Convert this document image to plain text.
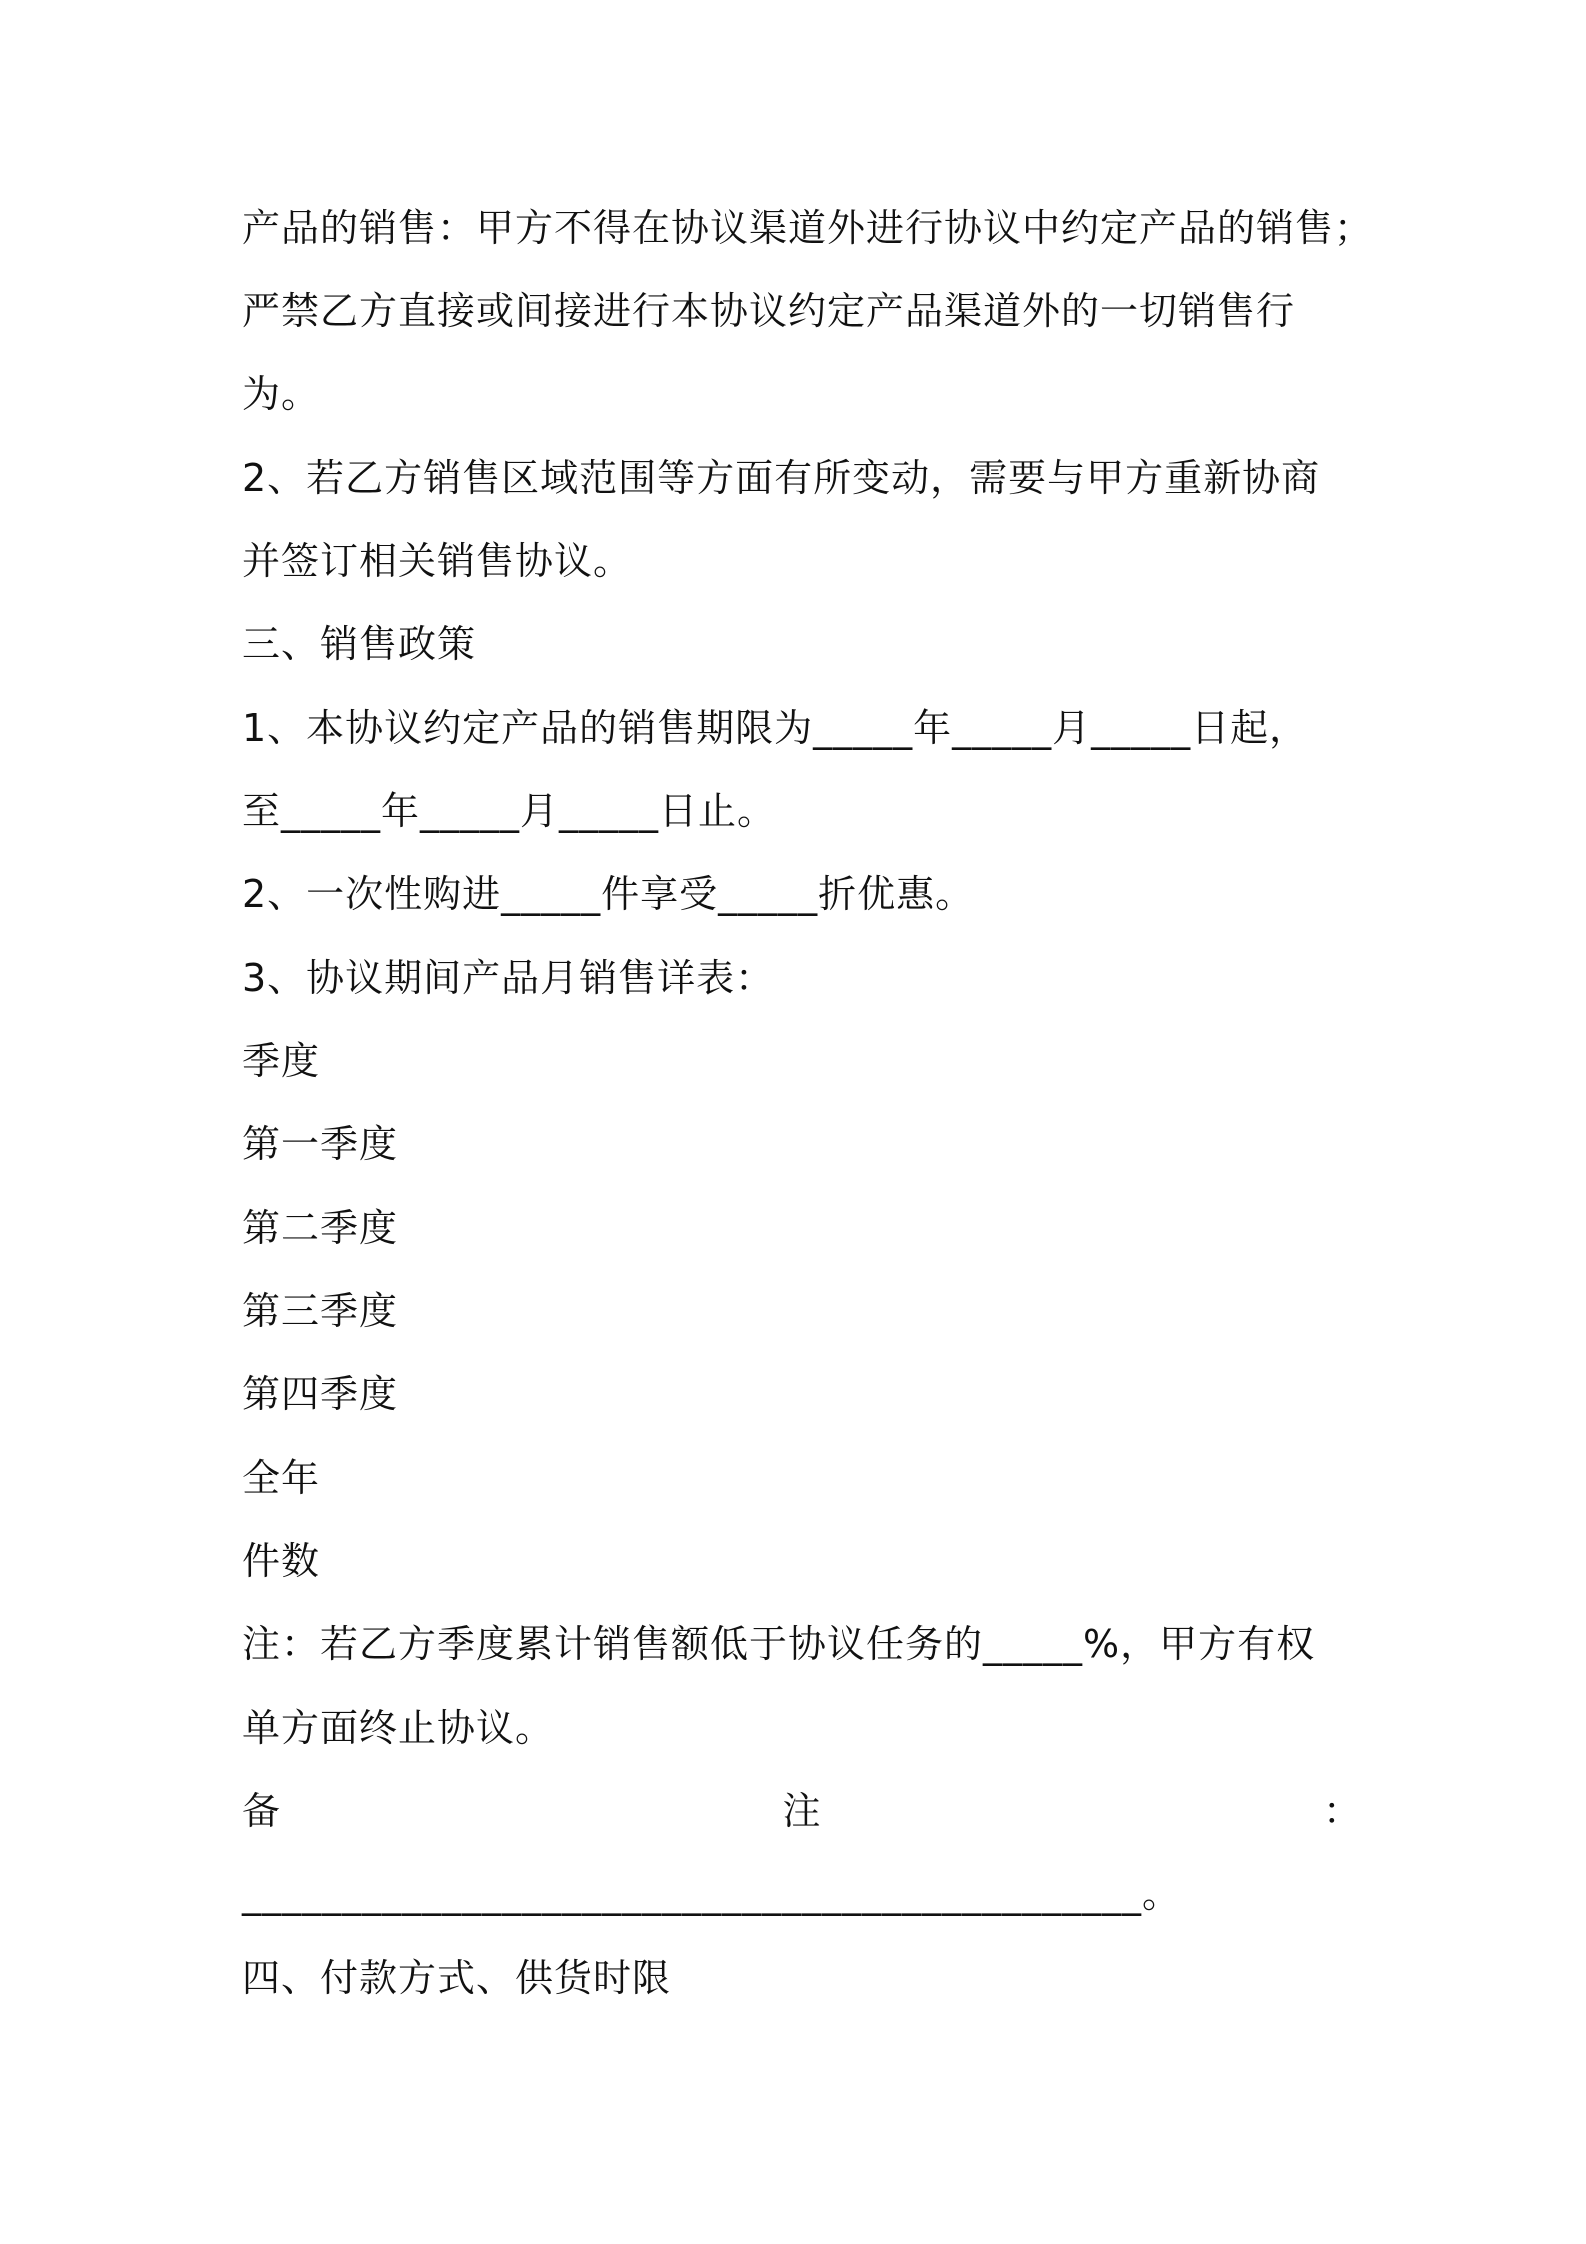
产品的销售：甲方不得在协议渠道外进行协议中约定产品的销售；
严禁乙方直接或间接进行本协议约定产品渠道外的一切销售行
为。
2、若乙方销售区域范围等方面有所变动，需要与甲方重新协商
并签订相关销售协议。
三、销售政策
1、本协议约定产品的销售期限为_____年_____月_____日起，
至_____年_____月_____日止。
2、一次性购进_____件享受_____折优惠。
3、协议期间产品月销售详表：
季度
第一季度
第二季度
第三季度
第四季度
全年
件数
注：若乙方季度累计销售额低于协议任务的_____%，甲方有权
单方面终止协议。
备	注	：
_____________________________________________。
四、付款方式、供货时限
